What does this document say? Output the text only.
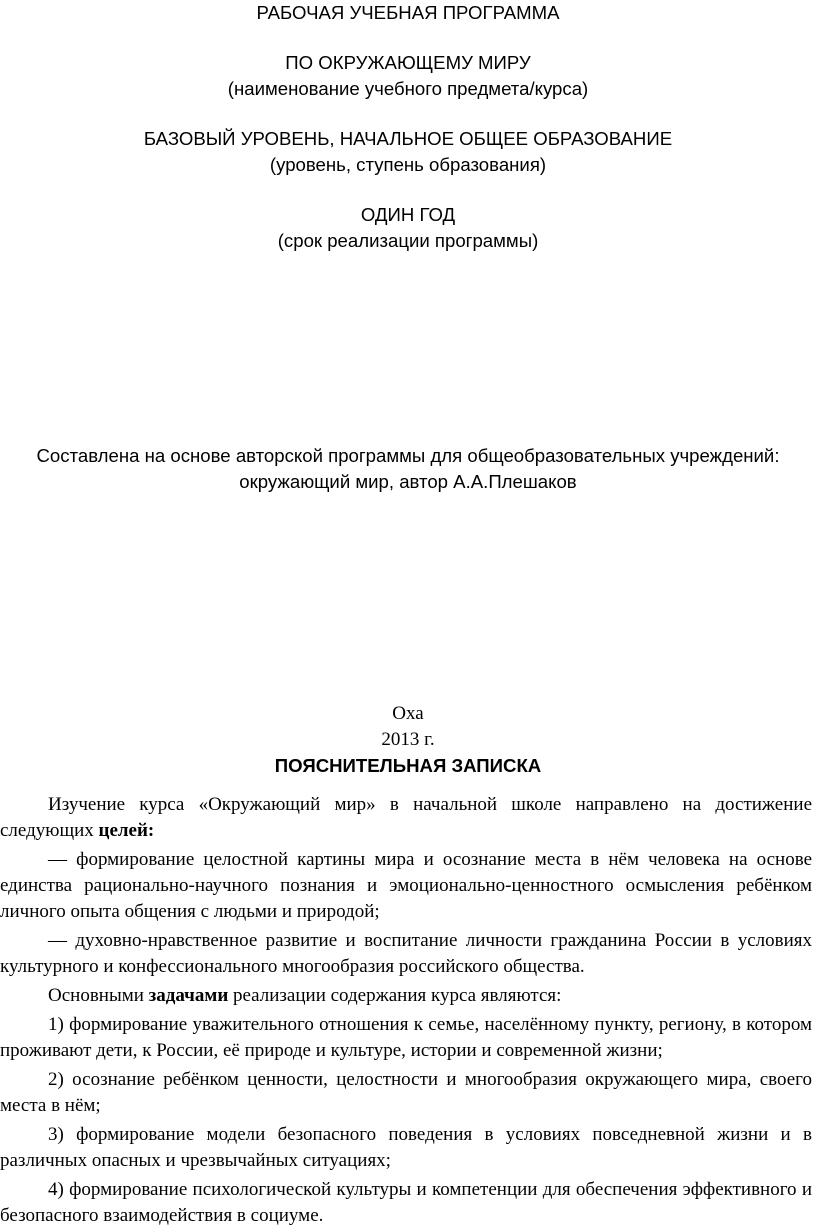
РАБОЧАЯ УЧЕБНАЯ ПРОГРАММА

ПО ОКРУЖАЮЩЕМУ МИРУ

(наименование учебного предмета/курса)

БАЗОВЫЙ УРОВЕНЬ, НАЧАЛЬНОЕ ОБЩЕЕ ОБРАЗОВАНИЕ

(уровень, ступень образования)

ОДИН ГОД

(срок реализации программы)

Составлена на основе авторской программы для общеобразовательных учреждений:

окружающий мир, автор А.А.Плешаков

Оха

2013 г.

ПОЯСНИТЕЛЬНАЯ ЗАПИСКА

Изучение курса «Окружающий мир» в начальной школе направлено на достижение следующих целей:

— формирование целостной картины мира и осознание места в нём человека на основе единства рационально-научного познания и эмоционально-ценностного осмысления ребёнком личного опыта общения с людьми и природой;

— духовно-нравственное развитие и воспитание личности гражданина России в условиях культурного и конфессионального многообразия российского общества.

Основными задачами реализации содержания курса являются:

1) формирование уважительного отношения к семье, населённому пункту, региону, в котором проживают дети, к России, её природе и культуре, истории и современной жизни;

2) осознание ребёнком ценности, целостности и многообразия окружающего мира, своего места в нём;

3) формирование модели безопасного поведения в условиях повседневной жизни и в различных опасных и чрезвычайных ситуациях;

4) формирование психологической культуры и компетенции для обеспечения эффективного и безопасного взаимодействия в социуме.
